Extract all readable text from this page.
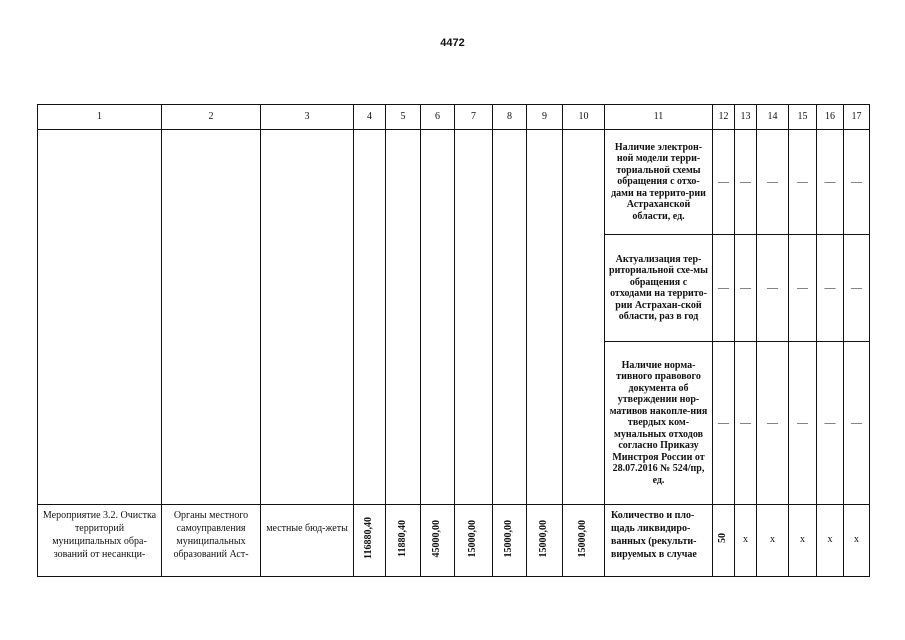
4472
1	2	3	4	5	6	7	8	9	10	11	12	13	14	15	16	17
										Наличие электрон-ной модели терри-ториальной схемы обращения с отхо-дами на террито-рии Астраханской области, ед.	—	—	—	—	—	—
										Актуализация тер-риториальной схе-мы обращения с отходами на террито-рии Астрахан-ской области, раз в год	—	—	—	—	—	—
										Наличие норма-тивного правового документа об утверждении нор-мативов накопле-ния твердых ком-мунальных отходов согласно Приказу Минстроя России от 28.07.2016 № 524/пр, ед.	—	—	—	—	—	—
Мероприятие 3.2. Очистка территорий муниципальных обра-зований от несанкци-	Органы местного самоуправления муниципальных образований Аст-	местные бюд-жеты	116880,40	11880,40	45000,00	15000,00	15000,00	15000,00	15000,00	Количество и пло-щадь ликвидиро-ванных (рекульти-вируемых в случае	50	х	х	х	х	х
